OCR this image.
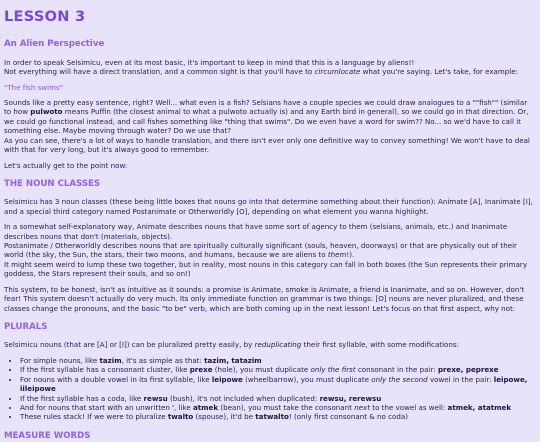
LESSON 3
An Alien Perspective

In order to speak Selsimicu, even at its most basic, it's important to keep in mind that this is a language by aliens!!
Not everything will have a direct translation, and a common sight is that you'll have to circumlocate what you're saying. Let's take, for example:

"The fish swims"

Sounds like a pretty easy sentence, right? Well... what even is a fish? Selsians have a couple species we could draw analogues to a ""fish"" (similar to how pulwoto means Puffin (the closest animal to what a pulwoto actually is) and any Earth bird in general), so we could go in that direction. Or, we could go functional instead, and call fishes something like "thing that swims". Do we even have a word for swim?? No... so we'd have to call it something else. Maybe moving through water? Do we use that?
As you can see, there's a lot of ways to handle translation, and there isn't ever only one definitive way to convey something! We won't have to deal with that for very long, but it's always good to remember.

Let's actually get to the point now:

THE NOUN CLASSES

Selsimicu has 3 noun classes (these being little boxes that nouns go into that determine something about their function): Animate [A], Inanimate [I], and a special third category named Postanimate or Otherworldly [O], depending on what element you wanna highlight.

In a somewhat self-explanatory way, Animate describes nouns that have some sort of agency to them (selsians, animals, etc.) and Inanimate describes nouns that don't (materials, objects).
Postanimate / Otherworldly describes nouns that are spiritually culturally significant (souls, heaven, doorways) or that are physically out of their world (the sky, the Sun, the stars, their two moons, and humans, because we are aliens to them!).
It might seem weird to lump these two together, but in reality, most nouns in this category can fall in both boxes (the Sun represents their primary goddess, the Stars represent their souls, and so on!)

This system, to be honest, isn't as intuitive as it sounds: a promise is Animate, smoke is Animate, a friend is Inanimate, and so on. However, don't fear! This system doesn't actually do very much. Its only immediate function on grammar is two things: [O] nouns are never pluralized, and these classes change the pronouns, and the basic "to be" verb, which are both coming up in the next lesson! Let's focus on that first aspect, why not:

PLURALS

Selsimicu nouns (that are [A] or [I]) can be pluralized pretty easily, by reduplicating their first syllable, with some modifications:

• For simple nouns, like tazim, it's as simple as that: tazim, tatazim
• If the first syllable has a consonant cluster, like prexe (hole), you must duplicate only the first consonant in the pair: prexe, peprexe
• For nouns with a double vowel in its first syllable, like leipowe (wheelbarrow), you must duplicate only the second vowel in the pair: leipowe, iileipowe
• If the first syllable has a coda, like rewsu (bush), it's not included when duplicated: rewsu, rerewsu
• And for nouns that start with an unwritten ', like atmek (bean), you must take the consonant next to the vowel as well: atmek, atatmek
• These rules stack! If we were to pluralize twalto (spouse), it'd be tatwalto! (only first consonant & no coda)
MEASURE WORDS
